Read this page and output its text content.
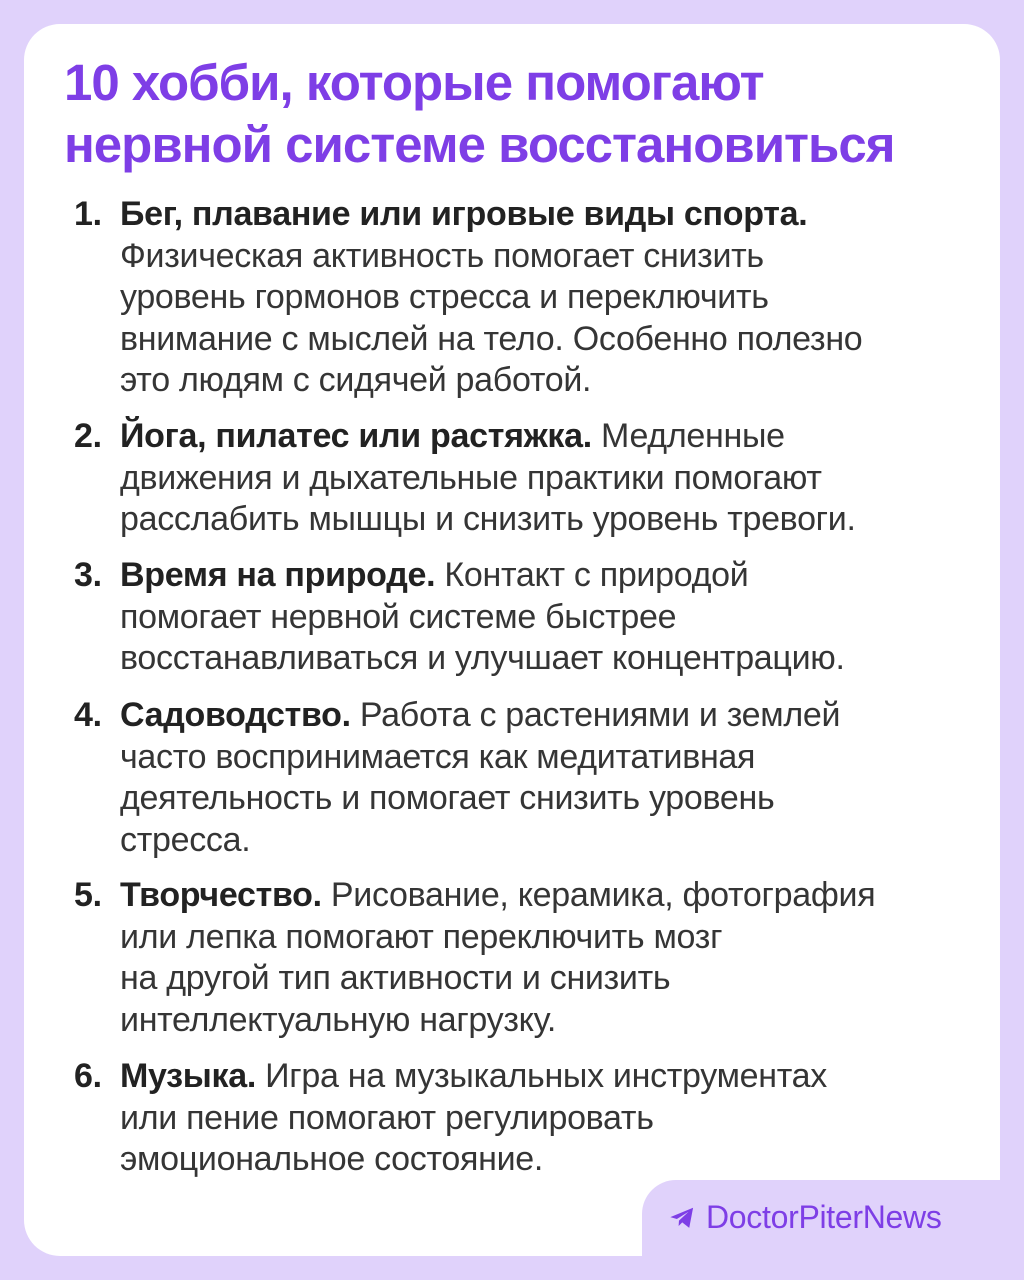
10 хобби, которые помогают
нервной системе восстановиться
1. Бег, плавание или игровые виды спорта.
Физическая активность помогает снизить
уровень гормонов стресса и переключить
внимание с мыслей на тело. Особенно полезно
это людям с сидячей работой.
2. Йога, пилатес или растяжка. Медленные
движения и дыхательные практики помогают
расслабить мышцы и снизить уровень тревоги.
3. Время на природе. Контакт с природой
помогает нервной системе быстрее
восстанавливаться и улучшает концентрацию.
4. Садоводство. Работа с растениями и землей
часто воспринимается как медитативная
деятельность и помогает снизить уровень
стресса.
5. Творчество. Рисование, керамика, фотография
или лепка помогают переключить мозг
на другой тип активности и снизить
интеллектуальную нагрузку.
6. Музыка. Игра на музыкальных инструментах
или пение помогают регулировать
эмоциональное состояние.
DoctorPiterNews
